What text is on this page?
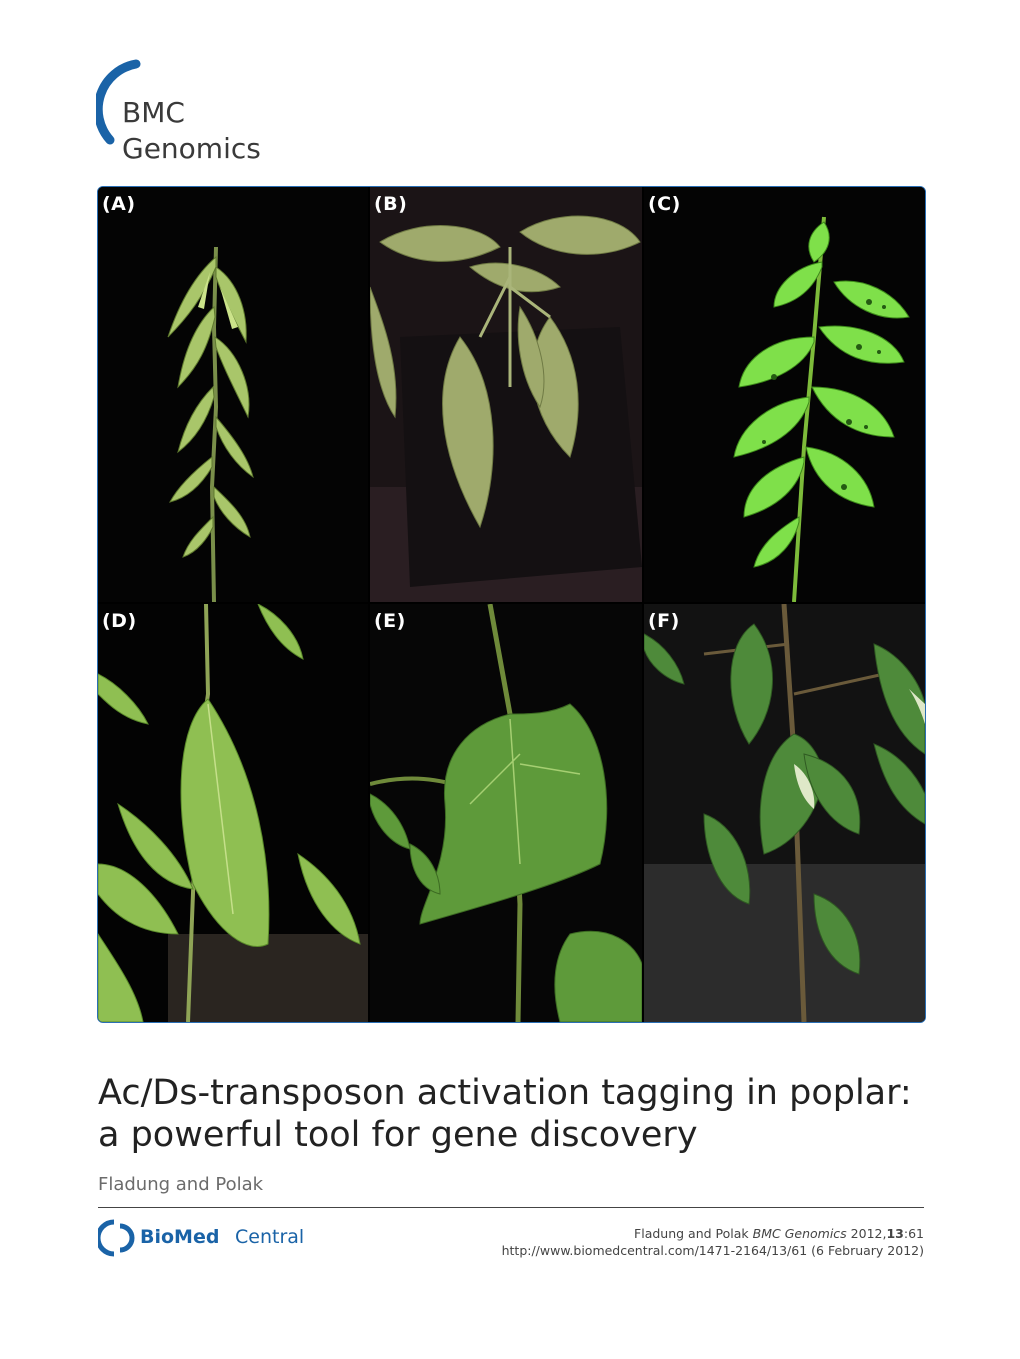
BMC
Genomics
(A)	(B)	(C)
(D)	(E)	(F)
Ac/Ds-transposon activation tagging in poplar: a powerful tool for gene discovery
Fladung and Polak
BioMed Central	Fladung and Polak BMC Genomics 2012,13:61
http://www.biomedcentral.com/1471-2164/13/61 (6 February 2012)
